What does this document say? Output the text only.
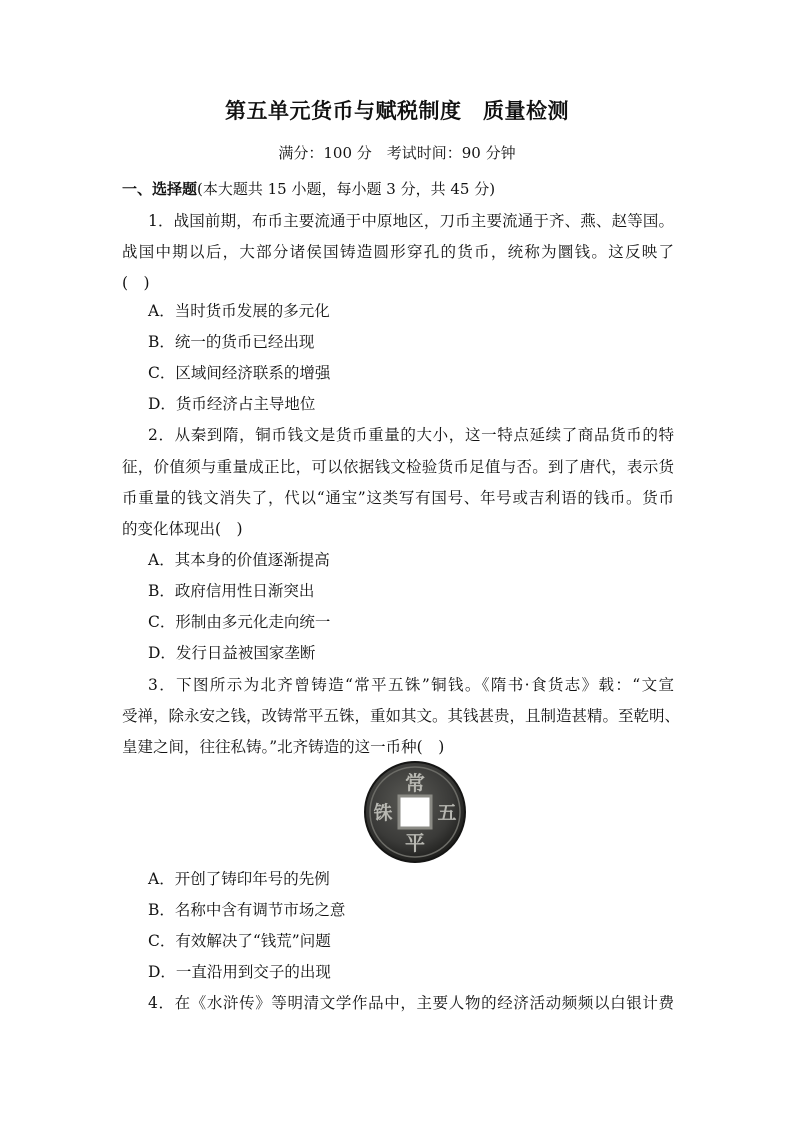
第五单元货币与赋税制度　质量检测
满分：100 分　考试时间：90 分钟
一、选择题(本大题共 15 小题，每小题 3 分，共 45 分)
1．战国前期，布币主要流通于中原地区，刀币主要流通于齐、燕、赵等国。
战国中期以后，大部分诸侯国铸造圆形穿孔的货币，统称为圜钱。这反映了
(　)
A．当时货币发展的多元化
B．统一的货币已经出现
C．区域间经济联系的增强
D．货币经济占主导地位
2．从秦到隋，铜币钱文是货币重量的大小，这一特点延续了商品货币的特
征，价值须与重量成正比，可以依据钱文检验货币足值与否。到了唐代，表示货
币重量的钱文消失了，代以“通宝”这类写有国号、年号或吉利语的钱币。货币
的变化体现出(　)
A．其本身的价值逐渐提高
B．政府信用性日渐突出
C．形制由多元化走向统一
D．发行日益被国家垄断
3．下图所示为北齐曾铸造“常平五铢”铜钱。《隋书·食货志》载：“文宣
受禅，除永安之钱，改铸常平五铢，重如其文。其钱甚贵，且制造甚精。至乾明、
皇建之间，往往私铸。”北齐铸造的这一币种(　)
常
平
五
铢
A．开创了铸印年号的先例
B．名称中含有调节市场之意
C．有效解决了“钱荒”问题
D．一直沿用到交子的出现
4．在《水浒传》等明清文学作品中，主要人物的经济活动频频以白银计费
